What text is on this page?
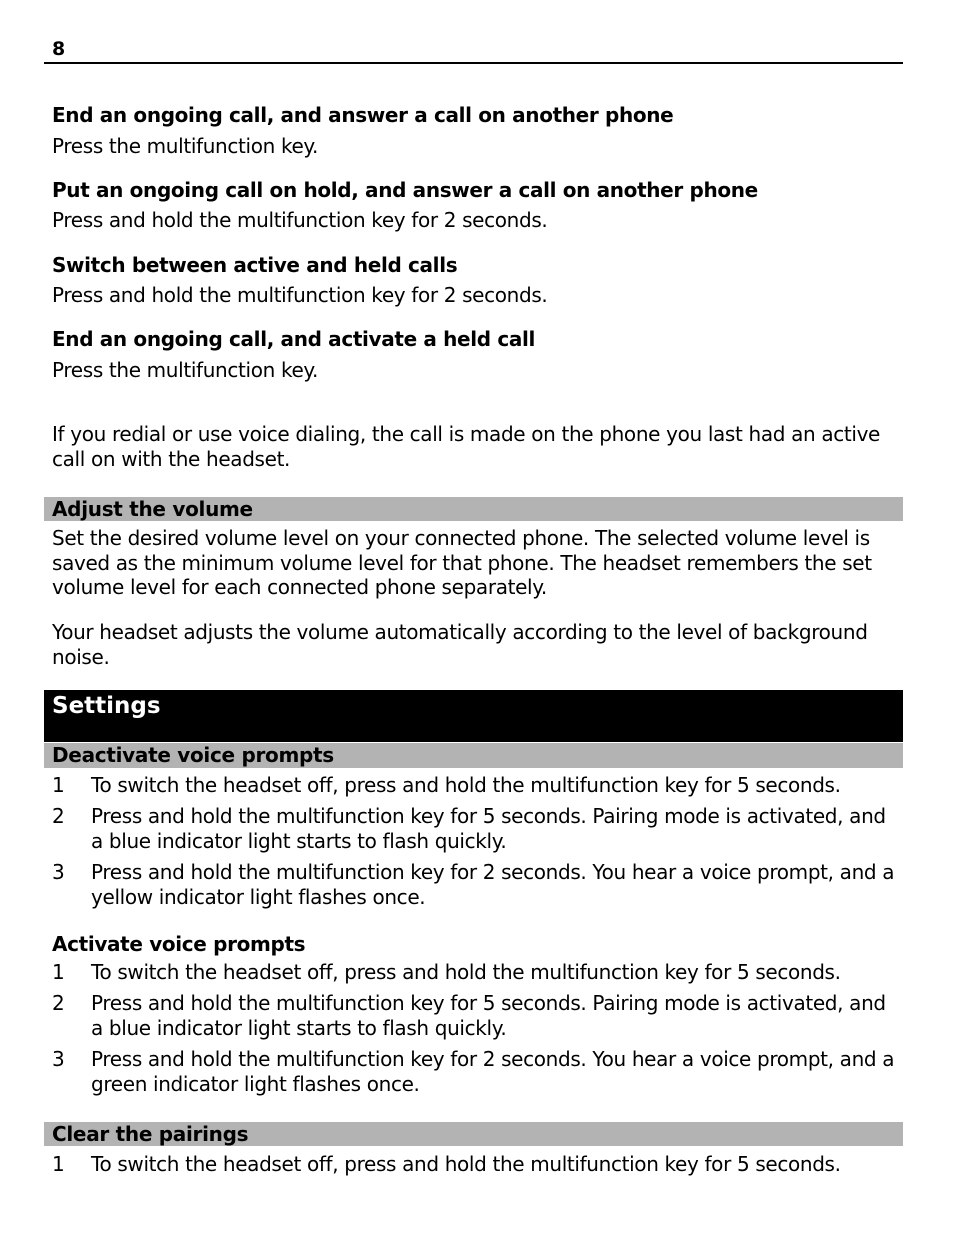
8
End an ongoing call, and answer a call on another phone
Press the multifunction key.
Put an ongoing call on hold, and answer a call on another phone
Press and hold the multifunction key for 2 seconds.
Switch between active and held calls
Press and hold the multifunction key for 2 seconds.
End an ongoing call, and activate a held call
Press the multifunction key.
If you redial or use voice dialing, the call is made on the phone you last had an active call on with the headset.
Adjust the volume
Set the desired volume level on your connected phone. The selected volume level is saved as the minimum volume level for that phone. The headset remembers the set volume level for each connected phone separately.
Your headset adjusts the volume automatically according to the level of background noise.
Settings
Deactivate voice prompts
1 To switch the headset off, press and hold the multifunction key for 5 seconds.
2 Press and hold the multifunction key for 5 seconds. Pairing mode is activated, and a blue indicator light starts to flash quickly.
3 Press and hold the multifunction key for 2 seconds. You hear a voice prompt, and a yellow indicator light flashes once.
Activate voice prompts
1 To switch the headset off, press and hold the multifunction key for 5 seconds.
2 Press and hold the multifunction key for 5 seconds. Pairing mode is activated, and a blue indicator light starts to flash quickly.
3 Press and hold the multifunction key for 2 seconds. You hear a voice prompt, and a green indicator light flashes once.
Clear the pairings
1 To switch the headset off, press and hold the multifunction key for 5 seconds.
